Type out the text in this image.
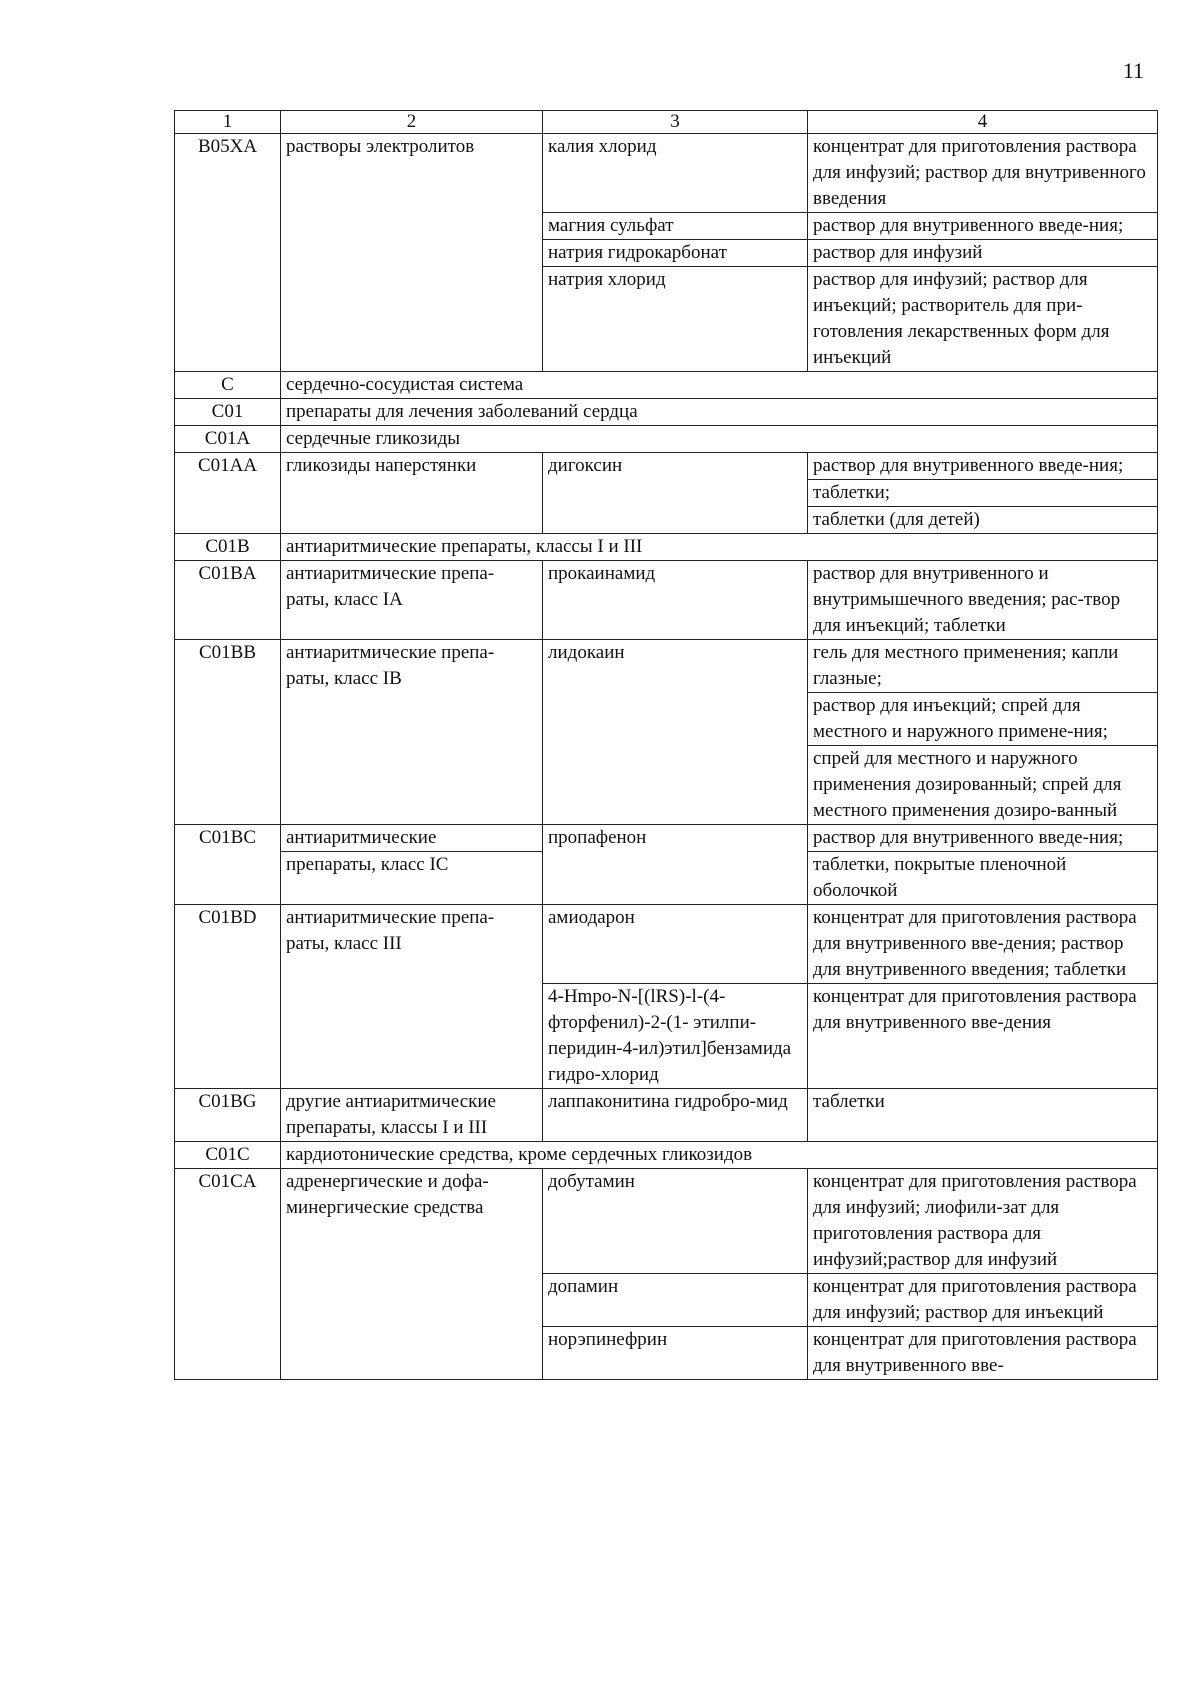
11
1	2	3	4
B05XA	растворы электролитов	калия хлорид	концентрат для приготовления раствора для инфузий; раствор для внутривенного введения
		магния сульфат	раствор для внутривенного введе-ния;
		натрия гидрокарбонат	раствор для инфузий
		натрия хлорид	раствор для инфузий; раствор для инъекций; растворитель для при-готовления лекарственных форм для инъекций
C	сердечно-сосудистая система		
C01	препараты для лечения заболеваний сердца		
C01A	сердечные гликозиды		
C01AA	гликозиды наперстянки	дигоксин	раствор для внутривенного введе-ния;
			таблетки;
			таблетки (для детей)
C01B	антиаритмические препараты, классы I и III		
C01BA	антиаритмические препа-раты, класс IA	прокаинамид	раствор для внутривенного и внутримышечного введения; рас-твор для инъекций; таблетки
C01BB	антиаритмические препа-раты, класс IB	лидокаин	гель для местного применения; капли глазные;
			раствор для инъекций; спрей для местного и наружного примене-ния;
			спрей для местного и наружного применения дозированный; спрей для местного применения дозиро-ванный
C01BC	антиаритмические	пропафенон	раствор для внутривенного введе-ния;
	препараты, класс IC		таблетки, покрытые пленочной оболочкой
C01BD	антиаритмические препа-раты, класс III	амиодарон	концентрат для приготовления раствора для внутривенного вве-дения; раствор для внутривенного введения; таблетки
		4-Hmpo-N-[(lRS)-l-(4-фторфенил)-2-(1- этилпи-перидин-4-ил)этил]бензамида гидро-хлорид	концентрат для приготовления раствора для внутривенного вве-дения
C01BG	другие антиаритмические препараты, классы I и III	лаппаконитина гидробро-мид	таблетки
C01C	кардиотонические средства, кроме сердечных гликозидов		
C01CA	адренергические и дофа-минергические средства	добутамин	концентрат для приготовления раствора для инфузий; лиофили-зат для приготовления раствора для инфузий;раствор для инфузий
		допамин	концентрат для приготовления раствора для инфузий; раствор для инъекций
		норэпинефрин	концентрат для приготовления раствора для внутривенного вве-
